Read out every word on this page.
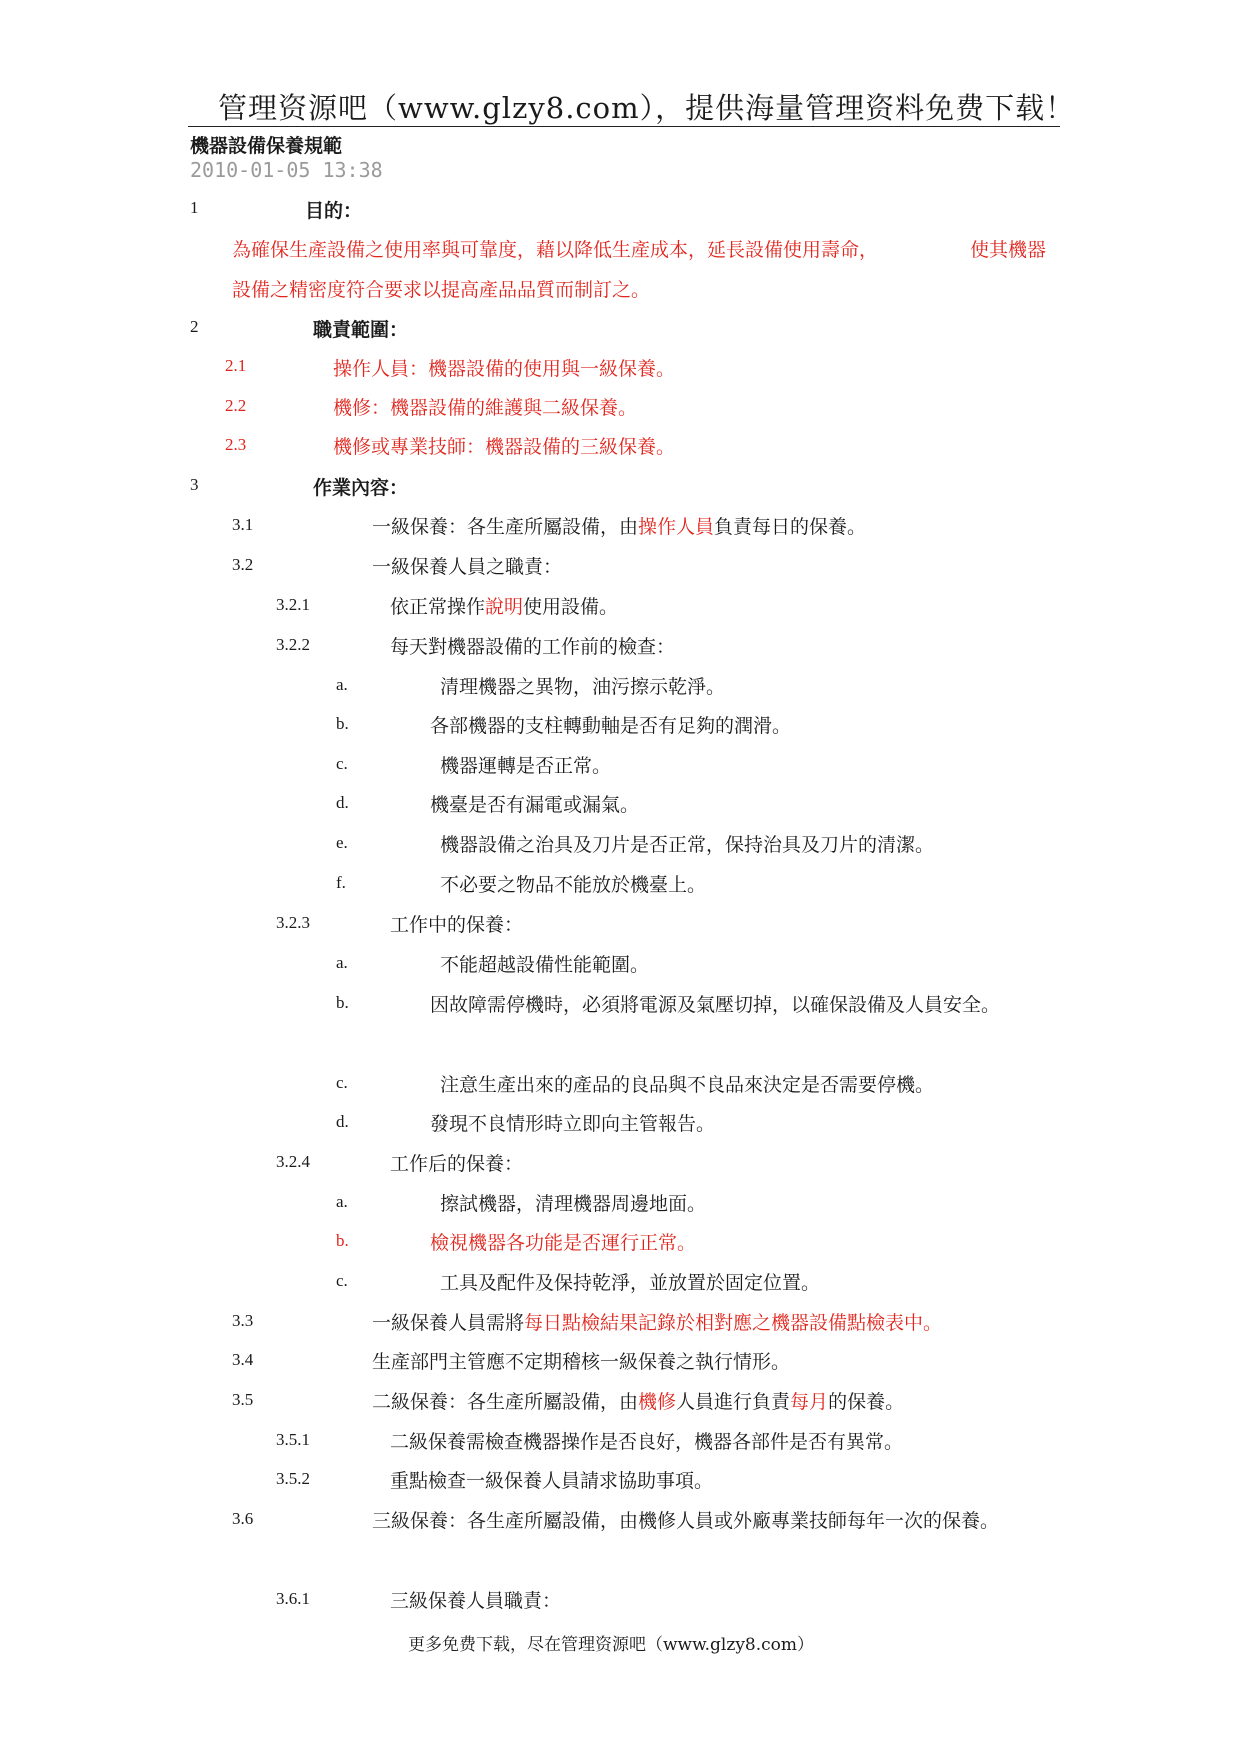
管理资源吧（www.glzy8.com），提供海量管理资料免费下载！
機器設備保養規範
2010-01-05 13:38
1	目的：
為確保生產設備之使用率與可靠度，藉以降低生產成本，延長設備使用壽命，	使其機器
設備之精密度符合要求以提高產品品質而制訂之。
2	職責範圍：
2.1	操作人員：機器設備的使用與一級保養。
2.2	機修：機器設備的維護與二級保養。
2.3	機修或專業技師：機器設備的三級保養。
3	作業內容：
3.1	一級保養：各生產所屬設備，由操作人員負責每日的保養。
3.2	一級保養人員之職責：
3.2.1	依正常操作說明使用設備。
3.2.2	每天對機器設備的工作前的檢查：
a.	清理機器之異物，油污擦示乾淨。
b.	各部機器的支柱轉動軸是否有足夠的潤滑。
c.	機器運轉是否正常。
d.	機臺是否有漏電或漏氣。
e.	機器設備之治具及刀片是否正常，保持治具及刀片的清潔。
f.	不必要之物品不能放於機臺上。
3.2.3	工作中的保養：
a.	不能超越設備性能範圍。
b.	因故障需停機時，必須將電源及氣壓切掉，以確保設備及人員安全。
c.	注意生產出來的產品的良品與不良品來決定是否需要停機。
d.	發現不良情形時立即向主管報告。
3.2.4	工作后的保養：
a.	擦試機器，清理機器周邊地面。
b.	檢視機器各功能是否運行正常。
c.	工具及配件及保持乾淨，並放置於固定位置。
3.3	一級保養人員需將每日點檢結果記錄於相對應之機器設備點檢表中。
3.4	生產部門主管應不定期稽核一級保養之執行情形。
3.5	二級保養：各生產所屬設備，由機修人員進行負責每月的保養。
3.5.1	二級保養需檢查機器操作是否良好，機器各部件是否有異常。
3.5.2	重點檢查一級保養人員請求協助事項。
3.6	三級保養：各生產所屬設備，由機修人員或外廠專業技師每年一次的保養。
3.6.1	三級保養人員職責：
更多免费下载，尽在管理资源吧（www.glzy8.com）
